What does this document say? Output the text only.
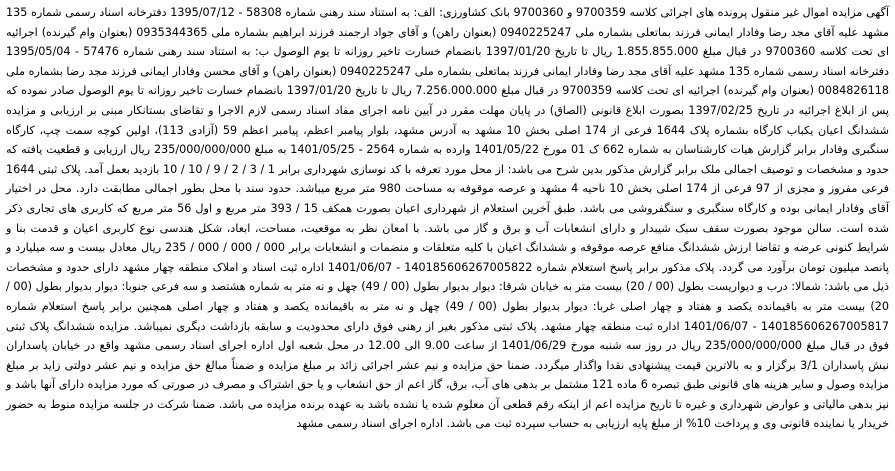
آگهی مزایده اموال غیر منقول پرونده های اجرائی کلاسه 9700359 و 9700360 بانک کشاورزی: الف: به استناد سند رهنی شماره 58308 - 1395/07/12 دفترخانه اسناد رسمی شماره 135 مشهد علیه آقای مجد رضا وفادار ایمانی فرزند بماتعلی بشماره ملی 0940225247 (بعنوان راهن) و آقای جواد ارجمند فرزند ابراهیم بشماره ملی 0935344365 (بعنوان وام گیرنده) اجرائیه ای تحت کلاسه 9700360 در قبال مبلغ 1.855.855.000 ریال تا تاریخ 1397/01/20 بانضمام خسارت تاخیر روزانه تا یوم الوصول ب: به استناد سند رهنی شماره 57476 - 1395/05/04 دفترخانه اسناد رسمی شماره 135 مشهد علیه آقای مجد رضا وفادار ایمانی فرزند بماتعلی بشماره ملی 0940225247 (بعنوان راهن) و آقای محسن وفادار ایمانی فرزند مجد رضا بشماره ملی 0084826118 (بعنوان وام گیرنده) اجرائیه ای تحت کلاسه 9700359 در قبال مبلغ 7.256.000.000 ریال تا تاریخ 1397/01/20 بانضمام خسارت تاخیر روزانه تا یوم الوصول صادر نموده که پس از ابلاغ اجرائیه در تاریخ 1397/02/25 بصورت ابلاغ قانونی (الصاق) در پایان مهلت مقرر در آیین نامه اجرای مفاد اسناد رسمی لازم الاجرا و تقاضای بستانکار مبنی بر ارزیابی و مزایده ششدانگ اعیان یکباب کارگاه بشماره پلاک 1644 فرعی از 174 اصلی بخش 10 مشهد به آدرس مشهد، بلوار پیامبر اعظم، پیامبر اعظم 59 (آزادی 113)، اولین کوچه سمت چپ، کارگاه سنگبری وفادار برابر گزارش هیات کارشناسان به شماره 662 ک 01 مورخ 1401/05/22 وارده به شماره 2564 - 1401/05/25 به مبلغ 235/000/000/000 ریال ارزیابی و قطعیت یافته که حدود و مشخصات و توصیف اجمالی ملک برابر گزارش مذکور بدین شرح می باشد: از محل مورد تعرفه با کد نوسازی شهرداری برابر 1 / 3 / 2 / 9 / 10 / 10 بازدید بعمل آمد. پلاک ثبتی 1644 فرعی مفروز و مجزی از 97 فرعی از 174 اصلی بخش 10 ناحیه 4 مشهد و عرصه موقوفه به مساحت 980 متر مربع میباشد. حدود سند با محل بطور اجمالی مطابقت دارد. محل در اختیار آقای وفادار ایمانی بوده و کارگاه سنگبری و سنگفروشی می باشد. طبق آخرین استعلام از شهرداری اعیان بصورت همکف 15 / 393 متر مربع و اول 56 متر مربع که کاربری های تجاری ذکر شده است. سالن موجود بصورت سقف سبک شیبدار و دارای انشعابات آب و برق و گاز می باشد. با امعان نظر به موقعیت، مساحت، ابعاد، شکل هندسی نوع کاربری اعیان و قدمت بنا و شرایط کنونی عرضه و تقاضا ارزش ششدانگ منافع عرصه موقوفه و ششدانگ اعیان با کلیه متعلقات و منضمات و انشعابات برابر 000 / 000 / 000 / 235 ریال معادل بیست و سه میلیارد و پانصد میلیون تومان برآورد می گردد. پلاک مذکور برابر پاسخ استعلام شماره 140185606267005822 - 1401/06/07 اداره ثبت اسناد و املاک منطقه چهار مشهد دارای حدود و مشخصات ذیل می باشد: شمالا: درب و دیواریست بطول (00 / 20) بیست متر به خیابان شرقا: دیوار بدیوار بطول (00 / 49) چهل و نه متر به شماره هشتصد و سه فرعی جنوبا: دیوار بدیوار بطول (00 / 20) بیست متر به باقیمانده یکصد و هفتاد و چهار اصلی غربا: دیوار بدیوار بطول (00 / 49) چهل و نه متر به باقیمانده یکصد و هفتاد و چهار اصلی همچنین برابر پاسخ استعلام شماره 140185606267005817 - 1401/06/07 اداره ثبت منطقه چهار مشهد. پلاک ثبتی مذکور بغیر از رهنی فوق دارای محدودیت و سابقه بازداشت دیگری نمیباشد. مزایده ششدانگ پلاک ثبتی فوق در قبال مبلغ 235/000/000/000 ریال در روز سه شنبه مورخ 1401/06/29 از ساعت 9.00 الی 12.00 در محل شعبه اول اداره اجرای اسناد رسمی مشهد واقع در خیابان پاسداران نبش پاسداران 3/1 برگزار و به بالاترین قیمت پیشنهادی نقدا واگذار میگردد. ضمنا حق مزایده و نیم عشر اجرائی زائد بر مبلغ مزایده و ضمناً مبالغ حق مزایده و نیم عشر دولتی زاید بر مبلغ مزایده وصول و سایر هزینه های قانونی طبق تبصره 6 ماده 121 مشتمل بر بدهی های آب، برق، گاز اعم از حق انشعاب و یا حق اشتراک و مصرف در صورتی که مورد مزایده دارای آنها باشد و نیز بدهی مالیاتی و عوارض شهرداری و غیره تا تاریخ مزایده اعم از اینکه رقم قطعی آن معلوم شده یا نشده باشد به عهده برنده مزایده می باشد. ضمنا شرکت در جلسه مزایده منوط به حضور خریدار یا نماینده قانونی وی و پرداخت 10% از مبلغ پایه ارزیابی به حساب سپرده ثبت می باشد. اداره اجرای اسناد رسمی مشهد
